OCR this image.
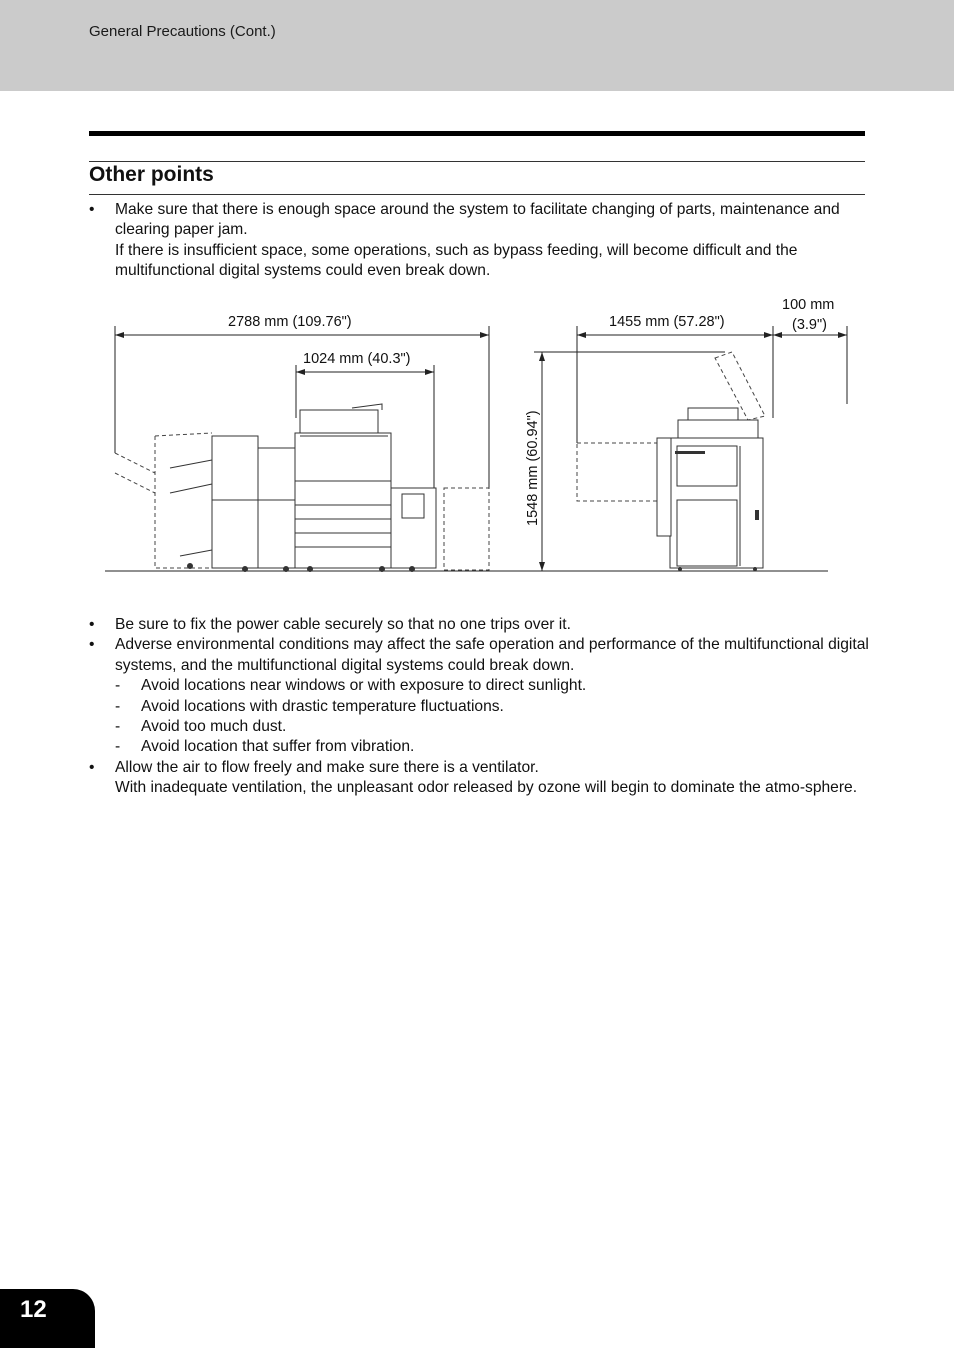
General Precautions (Cont.)
Other points
• Make sure that there is enough space around the system to facilitate changing of parts, maintenance and clearing paper jam.
If there is insufficient space, some operations, such as bypass feeding, will become difficult and the multifunctional digital systems could even break down.
2788 mm (109.76")
1024 mm (40.3")
1455 mm (57.28")
100 mm
(3.9")
1548 mm (60.94")
• Be sure to fix the power cable securely so that no one trips over it.
• Adverse environmental conditions may affect the safe operation and performance of the multifunctional digital systems, and the multifunctional digital systems could break down.
- Avoid locations near windows or with exposure to direct sunlight.
- Avoid locations with drastic temperature fluctuations.
- Avoid too much dust.
- Avoid location that suffer from vibration.
• Allow the air to flow freely and make sure there is a ventilator.
With inadequate ventilation, the unpleasant odor released by ozone will begin to dominate the atmo-sphere.
12
